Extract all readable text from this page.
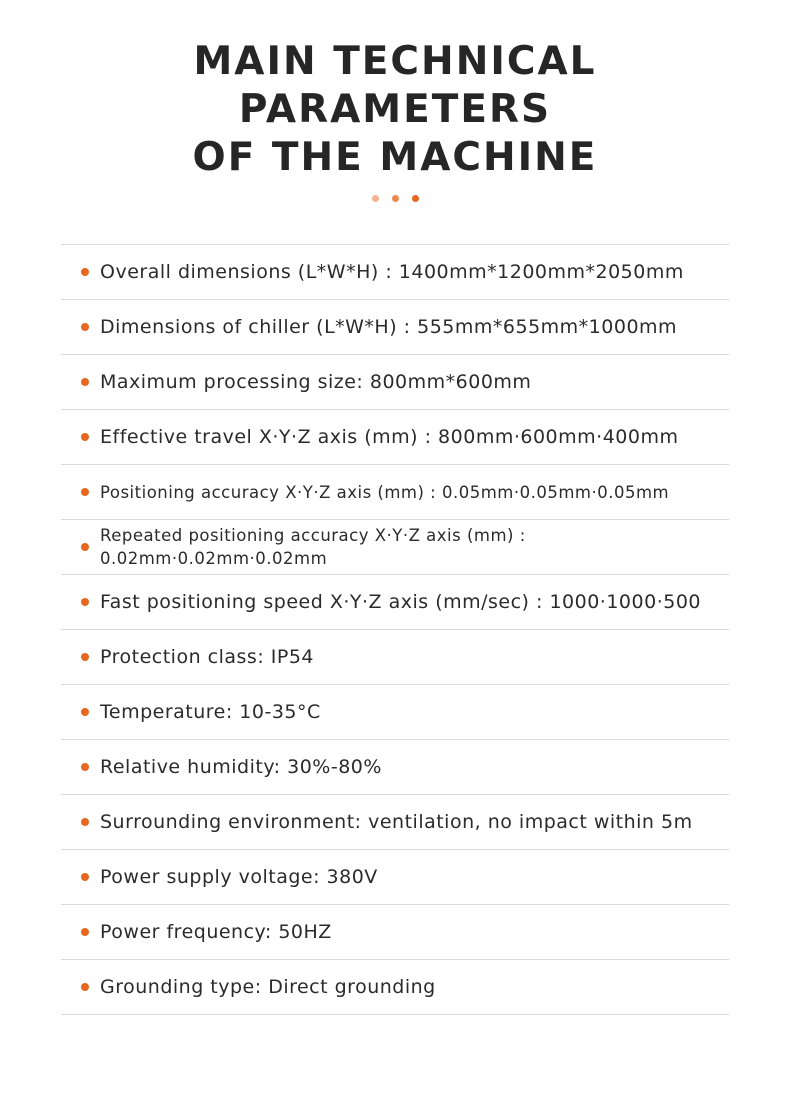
MAIN TECHNICAL
PARAMETERS
OF THE MACHINE
Overall dimensions (L*W*H) : 1400mm*1200mm*2050mm
Dimensions of chiller (L*W*H) : 555mm*655mm*1000mm
Maximum processing size: 800mm*600mm
Effective travel X·Y·Z axis (mm) : 800mm·600mm·400mm
Positioning accuracy X·Y·Z axis (mm) : 0.05mm·0.05mm·0.05mm
Repeated positioning accuracy X·Y·Z axis (mm) : 0.02mm·0.02mm·0.02mm
Fast positioning speed X·Y·Z axis (mm/sec) : 1000·1000·500
Protection class: IP54
Temperature: 10-35°C
Relative humidity: 30%-80%
Surrounding environment: ventilation, no impact within 5m
Power supply voltage: 380V
Power frequency: 50HZ
Grounding type: Direct grounding
